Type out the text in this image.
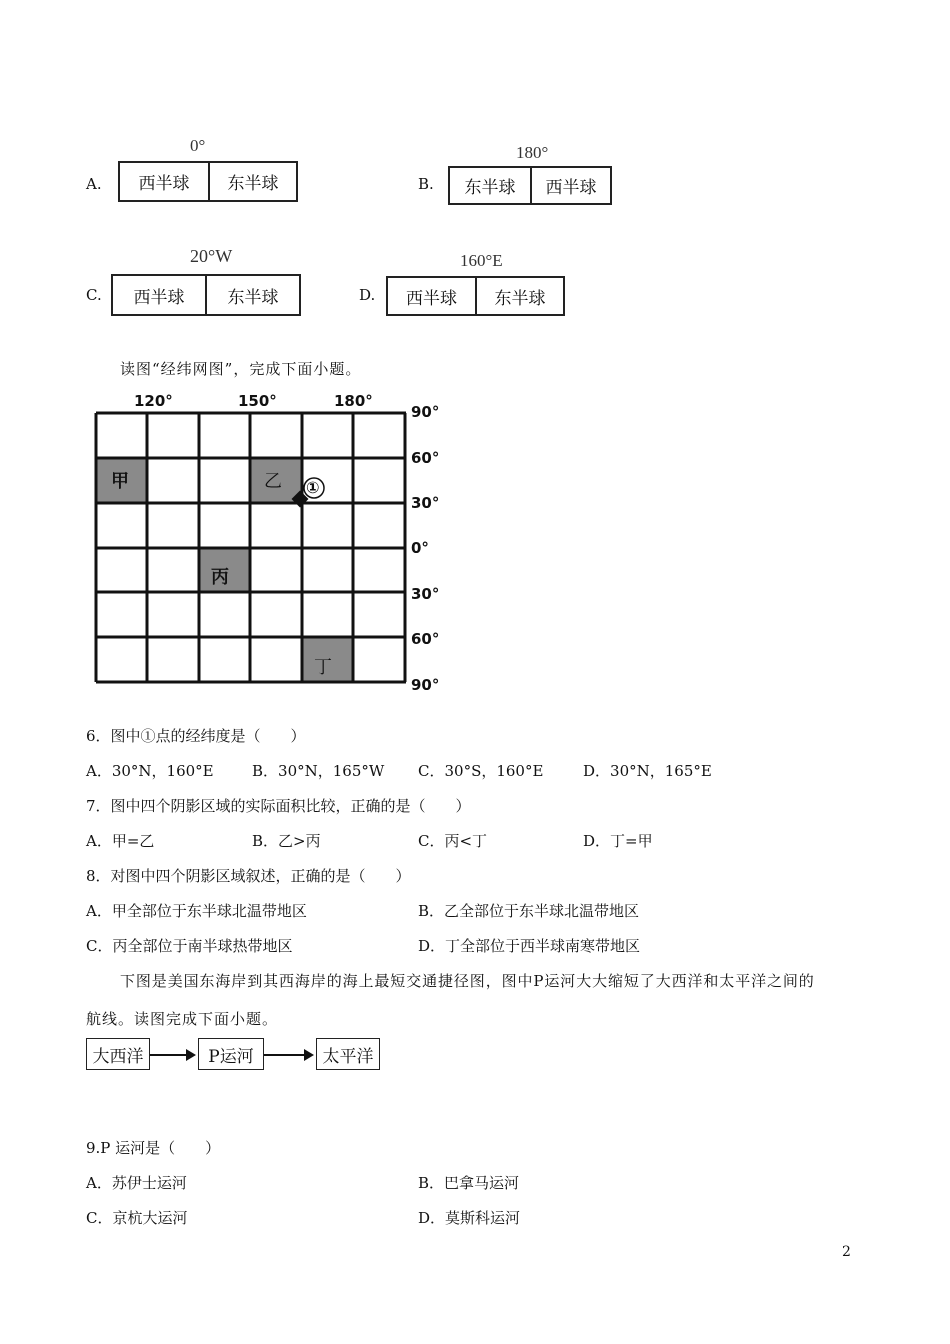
0°
A.	西半球	东半球
180°
B.	东半球	西半球
20°W
C.	西半球	东半球
160°E
D.	西半球	东半球
读图“经纬网图”，完成下面小题。
120°	150°	180°
90°
60°
30°
0°
30°
60°
90°
甲	乙
丙
丁
①
6．图中①点的经纬度是（　　）
A．30°N，160°E	B．30°N，165°W C．30°S，160°E	D．30°N，165°E
7．图中四个阴影区域的实际面积比较，正确的是（　　）
A．甲=乙	B．乙>丙	C．丙<丁	D．丁=甲
8．对图中四个阴影区域叙述，正确的是（　　）
A．甲全部位于东半球北温带地区	B．乙全部位于东半球北温带地区
C．丙全部位于南半球热带地区	D．丁全部位于西半球南寒带地区
下图是美国东海岸到其西海岸的海上最短交通捷径图，图中P运河大大缩短了大西洋和太平洋之间的
航线。读图完成下面小题。
大西洋	P运河	太平洋
9.P 运河是（　　）
A．苏伊士运河	B．巴拿马运河
C．京杭大运河	D．莫斯科运河
2
